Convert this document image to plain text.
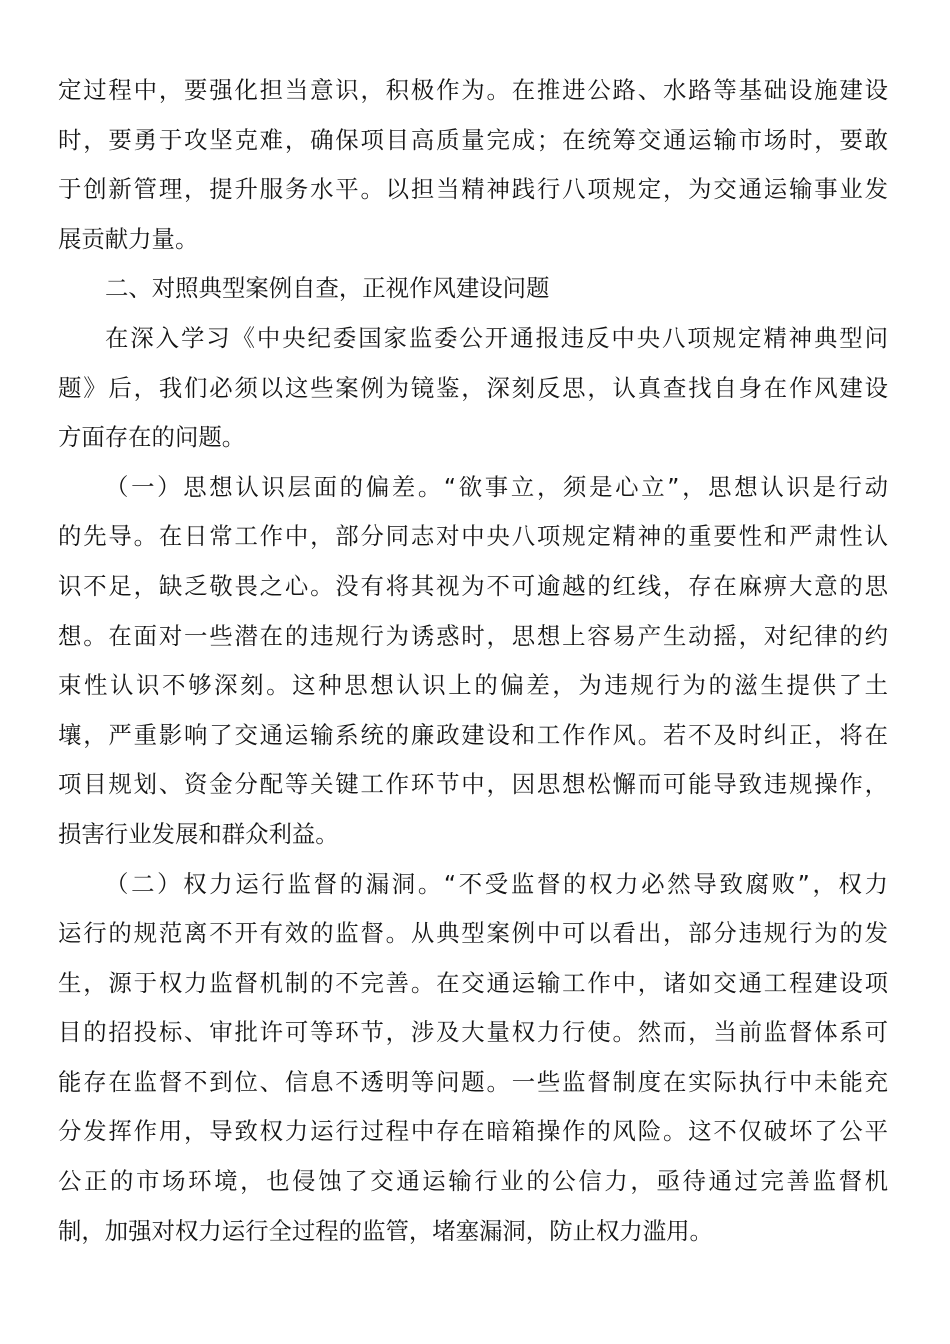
定过程中，要强化担当意识，积极作为。在推进公路、水路等基础设施建设
时，要勇于攻坚克难，确保项目高质量完成；在统筹交通运输市场时，要敢
于创新管理，提升服务水平。以担当精神践行八项规定，为交通运输事业发
展贡献力量。
二、对照典型案例自查，正视作风建设问题
在深入学习《中央纪委国家监委公开通报违反中央八项规定精神典型问
题》后，我们必须以这些案例为镜鉴，深刻反思，认真查找自身在作风建设
方面存在的问题。
（一）思想认识层面的偏差。“欲事立，须是心立”，思想认识是行动
的先导。在日常工作中，部分同志对中央八项规定精神的重要性和严肃性认
识不足，缺乏敬畏之心。没有将其视为不可逾越的红线，存在麻痹大意的思
想。在面对一些潜在的违规行为诱惑时，思想上容易产生动摇，对纪律的约
束性认识不够深刻。这种思想认识上的偏差，为违规行为的滋生提供了土
壤，严重影响了交通运输系统的廉政建设和工作作风。若不及时纠正，将在
项目规划、资金分配等关键工作环节中，因思想松懈而可能导致违规操作，
损害行业发展和群众利益。
（二）权力运行监督的漏洞。“不受监督的权力必然导致腐败”，权力
运行的规范离不开有效的监督。从典型案例中可以看出，部分违规行为的发
生，源于权力监督机制的不完善。在交通运输工作中，诸如交通工程建设项
目的招投标、审批许可等环节，涉及大量权力行使。然而，当前监督体系可
能存在监督不到位、信息不透明等问题。一些监督制度在实际执行中未能充
分发挥作用，导致权力运行过程中存在暗箱操作的风险。这不仅破坏了公平
公正的市场环境，也侵蚀了交通运输行业的公信力，亟待通过完善监督机
制，加强对权力运行全过程的监管，堵塞漏洞，防止权力滥用。
